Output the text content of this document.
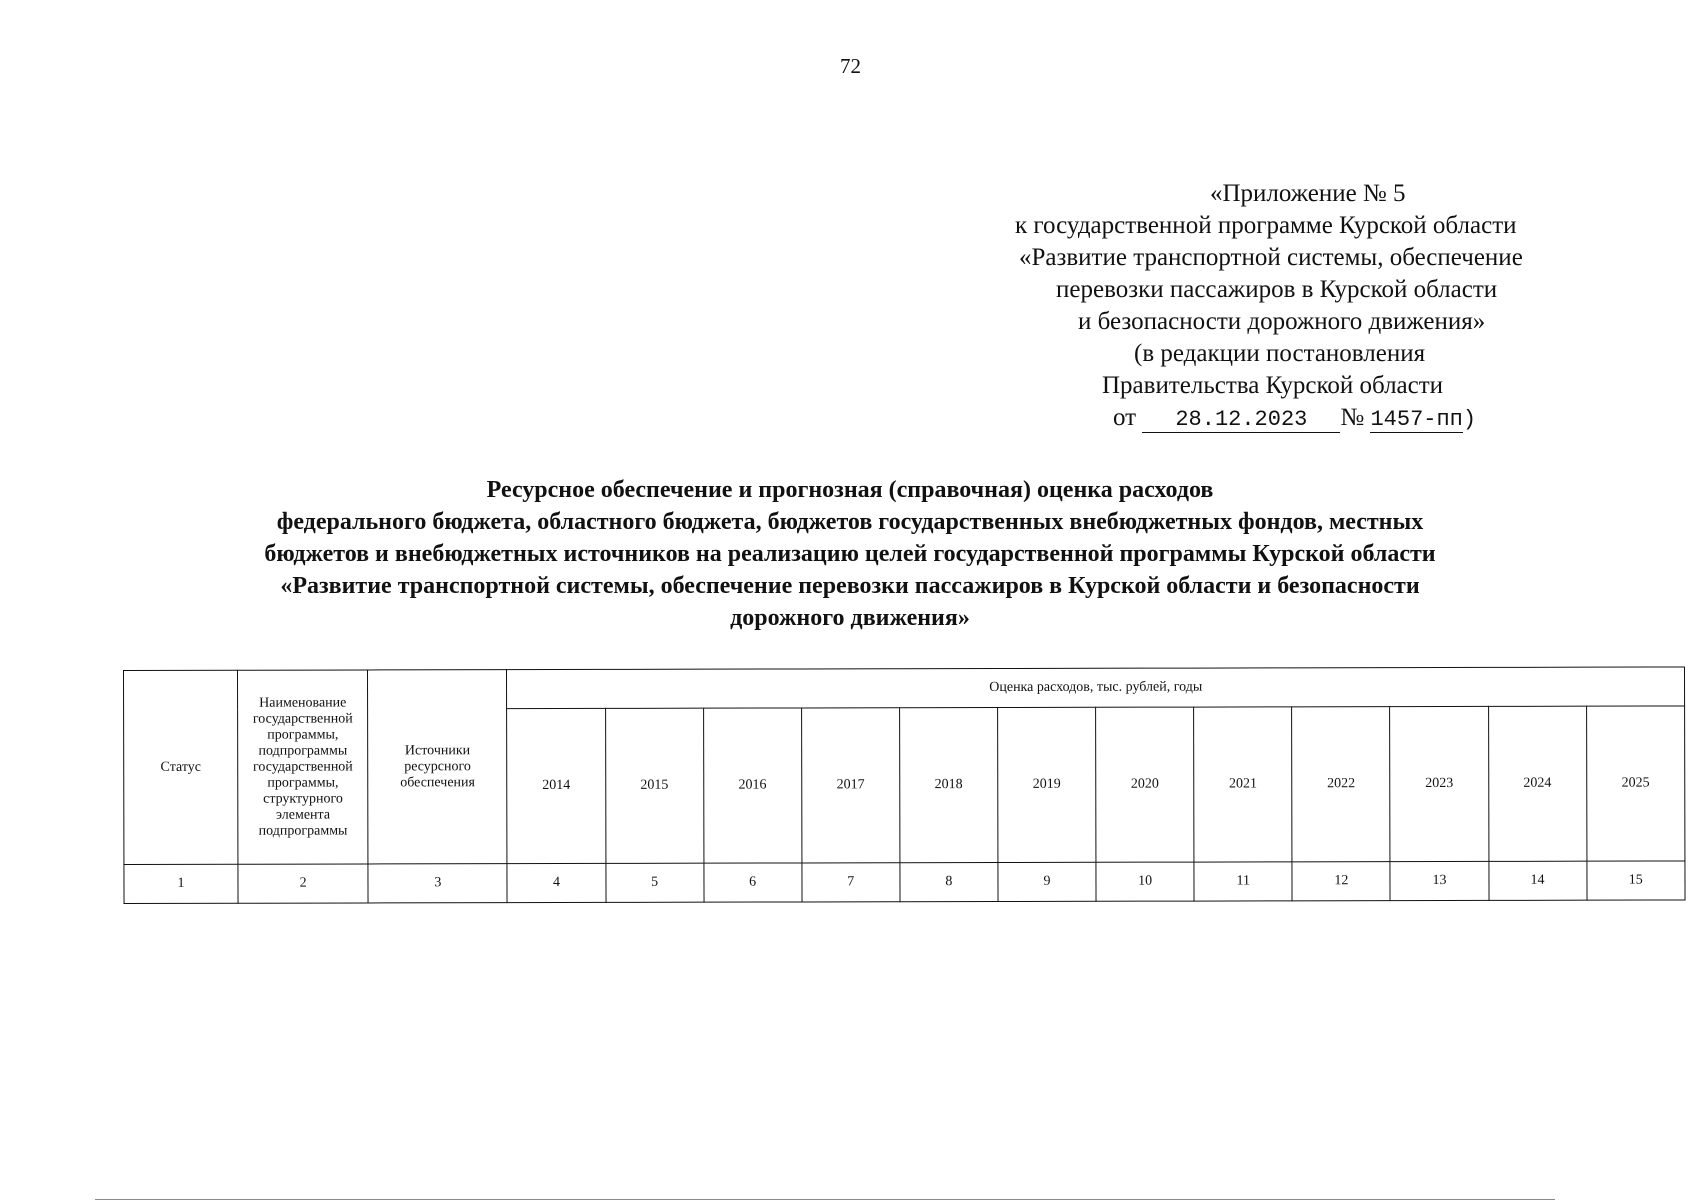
72
«Приложение № 5
к государственной программе Курской области
«Развитие транспортной системы, обеспечение
перевозки пассажиров в Курской области
и безопасности дорожного движения»
(в редакции постановления
Правительства Курской области
от 28.12.2023 № 1457-пп)
Ресурсное обеспечение и прогнозная (справочная) оценка расходов
федерального бюджета, областного бюджета, бюджетов государственных внебюджетных фондов, местных
бюджетов и внебюджетных источников на реализацию целей государственной программы Курской области
«Развитие транспортной системы, обеспечение перевозки пассажиров в Курской области и безопасности
дорожного движения»
Статус	Наименование государственной программы, подпрограммы государственной программы, структурного элемента подпрограммы	Источники ресурсного обеспечения	Оценка расходов, тыс. рублей, годы											
			2014	2015	2016	2017	2018	2019	2020	2021	2022	2023	2024	2025
1	2	3	4	5	6	7	8	9	10	11	12	13	14	15
